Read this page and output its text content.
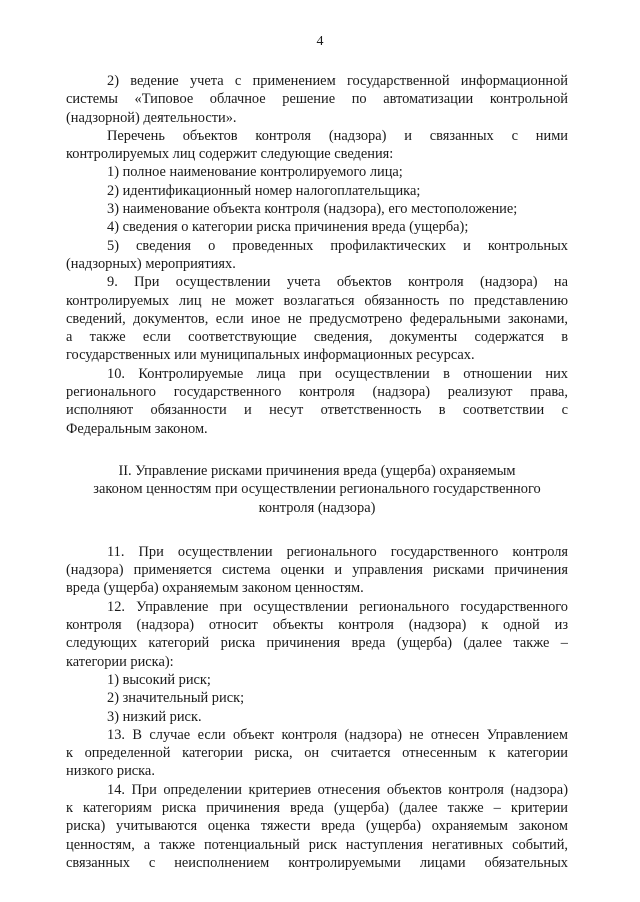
4
2) ведение учета с применением государственной информационной
системы «Типовое облачное решение по автоматизации контрольной
(надзорной) деятельности».
Перечень объектов контроля (надзора) и связанных с ними
контролируемых лиц содержит следующие сведения:
1) полное наименование контролируемого лица;
2) идентификационный номер налогоплательщика;
3) наименование объекта контроля (надзора), его местоположение;
4) сведения о категории риска причинения вреда (ущерба);
5) сведения о проведенных профилактических и контрольных
(надзорных) мероприятиях.
9. При осуществлении учета объектов контроля (надзора) на
контролируемых лиц не может возлагаться обязанность по представлению
сведений, документов, если иное не предусмотрено федеральными законами,
а также если соответствующие сведения, документы содержатся в
государственных или муниципальных информационных ресурсах.
10. Контролируемые лица при осуществлении в отношении них
регионального государственного контроля (надзора) реализуют права,
исполняют обязанности и несут ответственность в соответствии с
Федеральным законом.
II. Управление рисками причинения вреда (ущерба) охраняемым
законом ценностям при осуществлении регионального государственного
контроля (надзора)
11. При осуществлении регионального государственного контроля
(надзора) применяется система оценки и управления рисками причинения
вреда (ущерба) охраняемым законом ценностям.
12. Управление при осуществлении регионального государственного
контроля (надзора) относит объекты контроля (надзора) к одной из
следующих категорий риска причинения вреда (ущерба) (далее также –
категории риска):
1) высокий риск;
2) значительный риск;
3) низкий риск.
13. В случае если объект контроля (надзора) не отнесен Управлением
к определенной категории риска, он считается отнесенным к категории
низкого риска.
14. При определении критериев отнесения объектов контроля (надзора)
к категориям риска причинения вреда (ущерба) (далее также – критерии
риска) учитываются оценка тяжести вреда (ущерба) охраняемым законом
ценностям, а также потенциальный риск наступления негативных событий,
связанных с неисполнением контролируемыми лицами обязательных
